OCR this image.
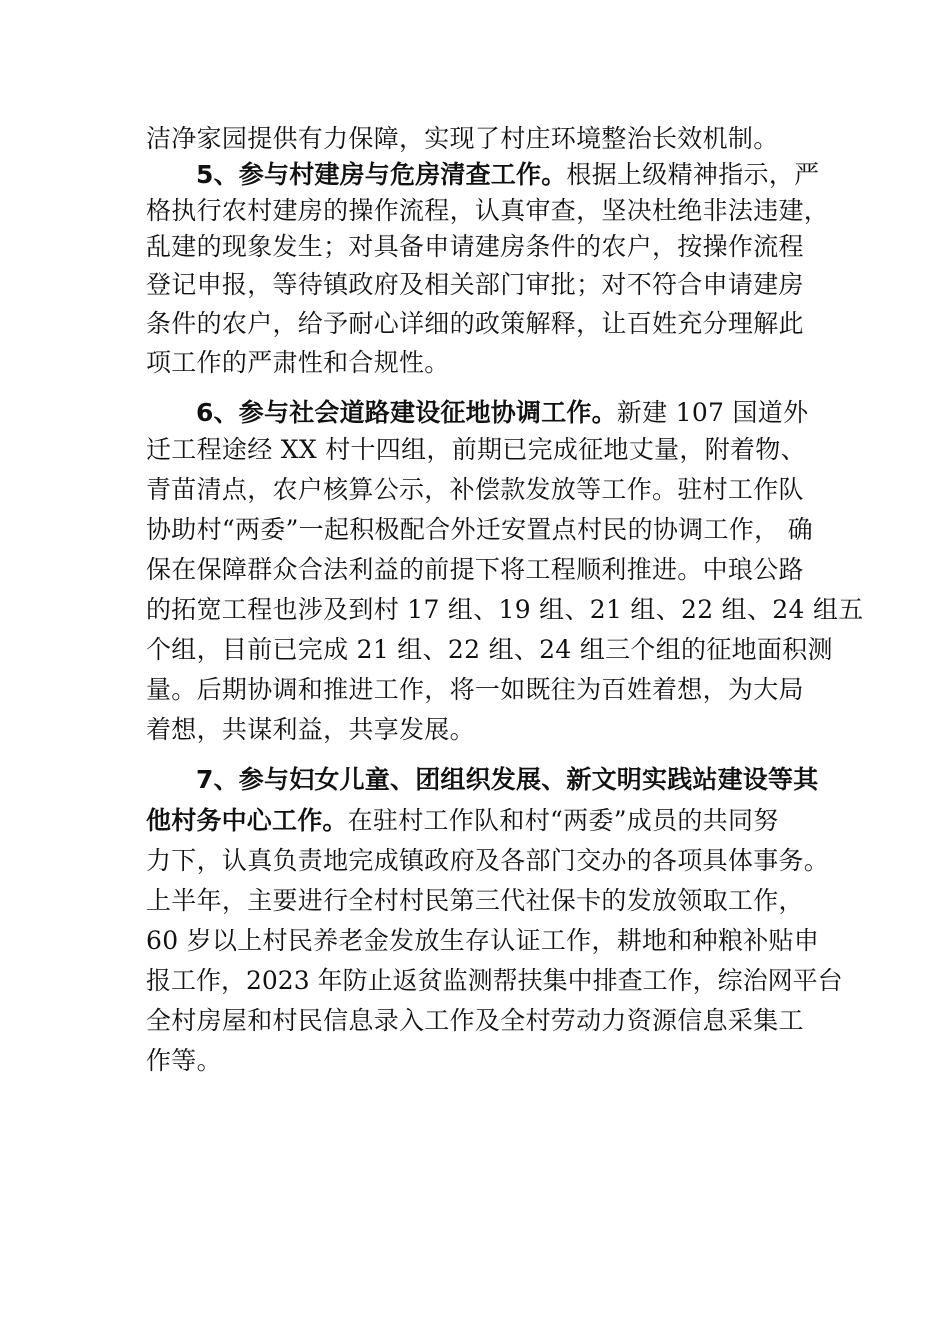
洁净家园提供有力保障，实现了村庄环境整治长效机制。
5、参与村建房与危房清查工作。根据上级精神指示，严
格执行农村建房的操作流程，认真审查，坚决杜绝非法违建，
乱建的现象发生；对具备申请建房条件的农户，按操作流程
登记申报，等待镇政府及相关部门审批；对不符合申请建房
条件的农户，给予耐心详细的政策解释，让百姓充分理解此
项工作的严肃性和合规性。
6、参与社会道路建设征地协调工作。新建 107 国道外
迁工程途经 XX 村十四组，前期已完成征地丈量，附着物、
青苗清点，农户核算公示，补偿款发放等工作。驻村工作队
协助村“两委”一起积极配合外迁安置点村民的协调工作， 确
保在保障群众合法利益的前提下将工程顺利推进。中琅公路
的拓宽工程也涉及到村 17 组、19 组、21 组、22 组、24 组五
个组，目前已完成 21 组、22 组、24 组三个组的征地面积测
量。后期协调和推进工作，将一如既往为百姓着想，为大局
着想，共谋利益，共享发展。
7、参与妇女儿童、团组织发展、新文明实践站建设等其
他村务中心工作。在驻村工作队和村“两委”成员的共同努
力下，认真负责地完成镇政府及各部门交办的各项具体事务。
上半年，主要进行全村村民第三代社保卡的发放领取工作，
60 岁以上村民养老金发放生存认证工作，耕地和种粮补贴申
报工作，2023 年防止返贫监测帮扶集中排查工作，综治网平台
全村房屋和村民信息录入工作及全村劳动力资源信息采集工
作等。
